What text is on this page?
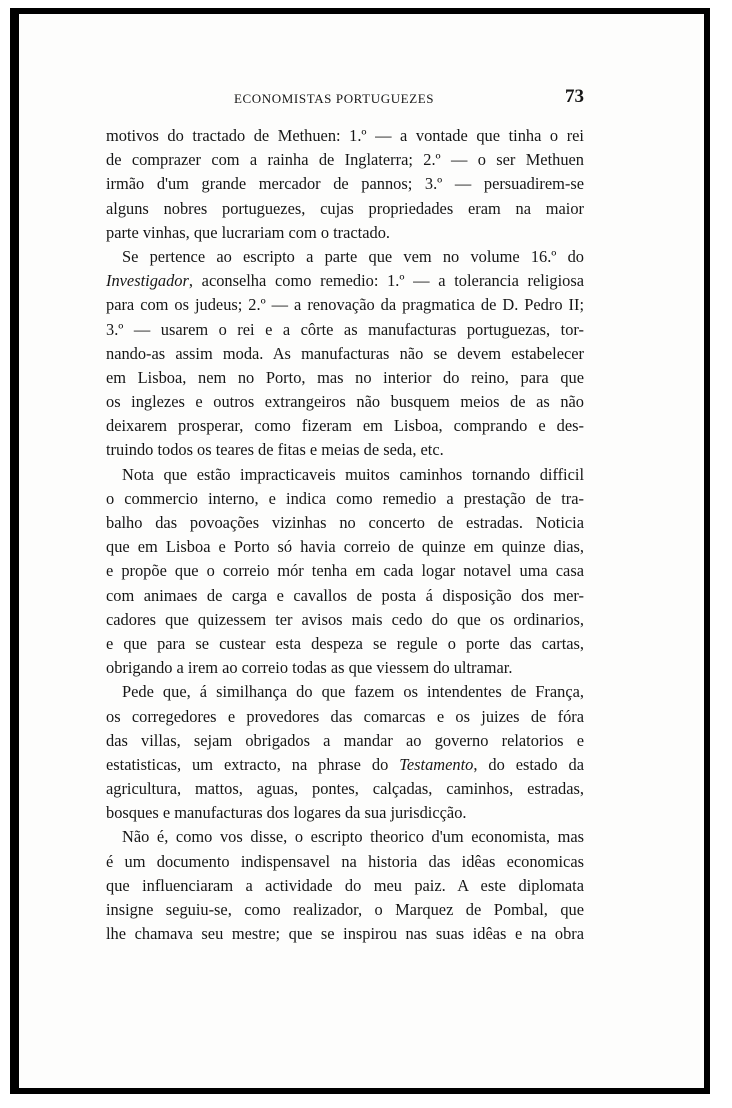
ECONOMISTAS PORTUGUEZES	73

motivos do tractado de Methuen: 1.º — a vontade que tinha o rei
de comprazer com a rainha de Inglaterra; 2.º — o ser Methuen
irmão d'um grande mercador de pannos; 3.º — persuadirem-se
alguns nobres portuguezes, cujas propriedades eram na maior
parte vinhas, que lucrariam com o tractado.

Se pertence ao escripto a parte que vem no volume 16.º do
Investigador, aconselha como remedio: 1.º — a tolerancia religiosa
para com os judeus; 2.º — a renovação da pragmatica de D. Pedro II;
3.º — usarem o rei e a côrte as manufacturas portuguezas, tor-
nando-as assim moda. As manufacturas não se devem estabelecer
em Lisboa, nem no Porto, mas no interior do reino, para que
os inglezes e outros extrangeiros não busquem meios de as não
deixarem prosperar, como fizeram em Lisboa, comprando e des-
truindo todos os teares de fitas e meias de seda, etc.

Nota que estão impracticaveis muitos caminhos tornando difficil
o commercio interno, e indica como remedio a prestação de tra-
balho das povoações vizinhas no concerto de estradas. Noticia
que em Lisboa e Porto só havia correio de quinze em quinze dias,
e propõe que o correio mór tenha em cada logar notavel uma casa
com animaes de carga e cavallos de posta á disposição dos mer-
cadores que quizessem ter avisos mais cedo do que os ordinarios,
e que para se custear esta despeza se regule o porte das cartas,
obrigando a irem ao correio todas as que viessem do ultramar.

Pede que, á similhança do que fazem os intendentes de França,
os corregedores e provedores das comarcas e os juizes de fóra
das villas, sejam obrigados a mandar ao governo relatorios e
estatisticas, um extracto, na phrase do Testamento, do estado da
agricultura, mattos, aguas, pontes, calçadas, caminhos, estradas,
bosques e manufacturas dos logares da sua jurisdicção.

Não é, como vos disse, o escripto theorico d'um economista, mas
é um documento indispensavel na historia das idêas economicas
que influenciaram a actividade do meu paiz. A este diplomata
insigne seguiu-se, como realizador, o Marquez de Pombal, que
lhe chamava seu mestre; que se inspirou nas suas idêas e na obra
